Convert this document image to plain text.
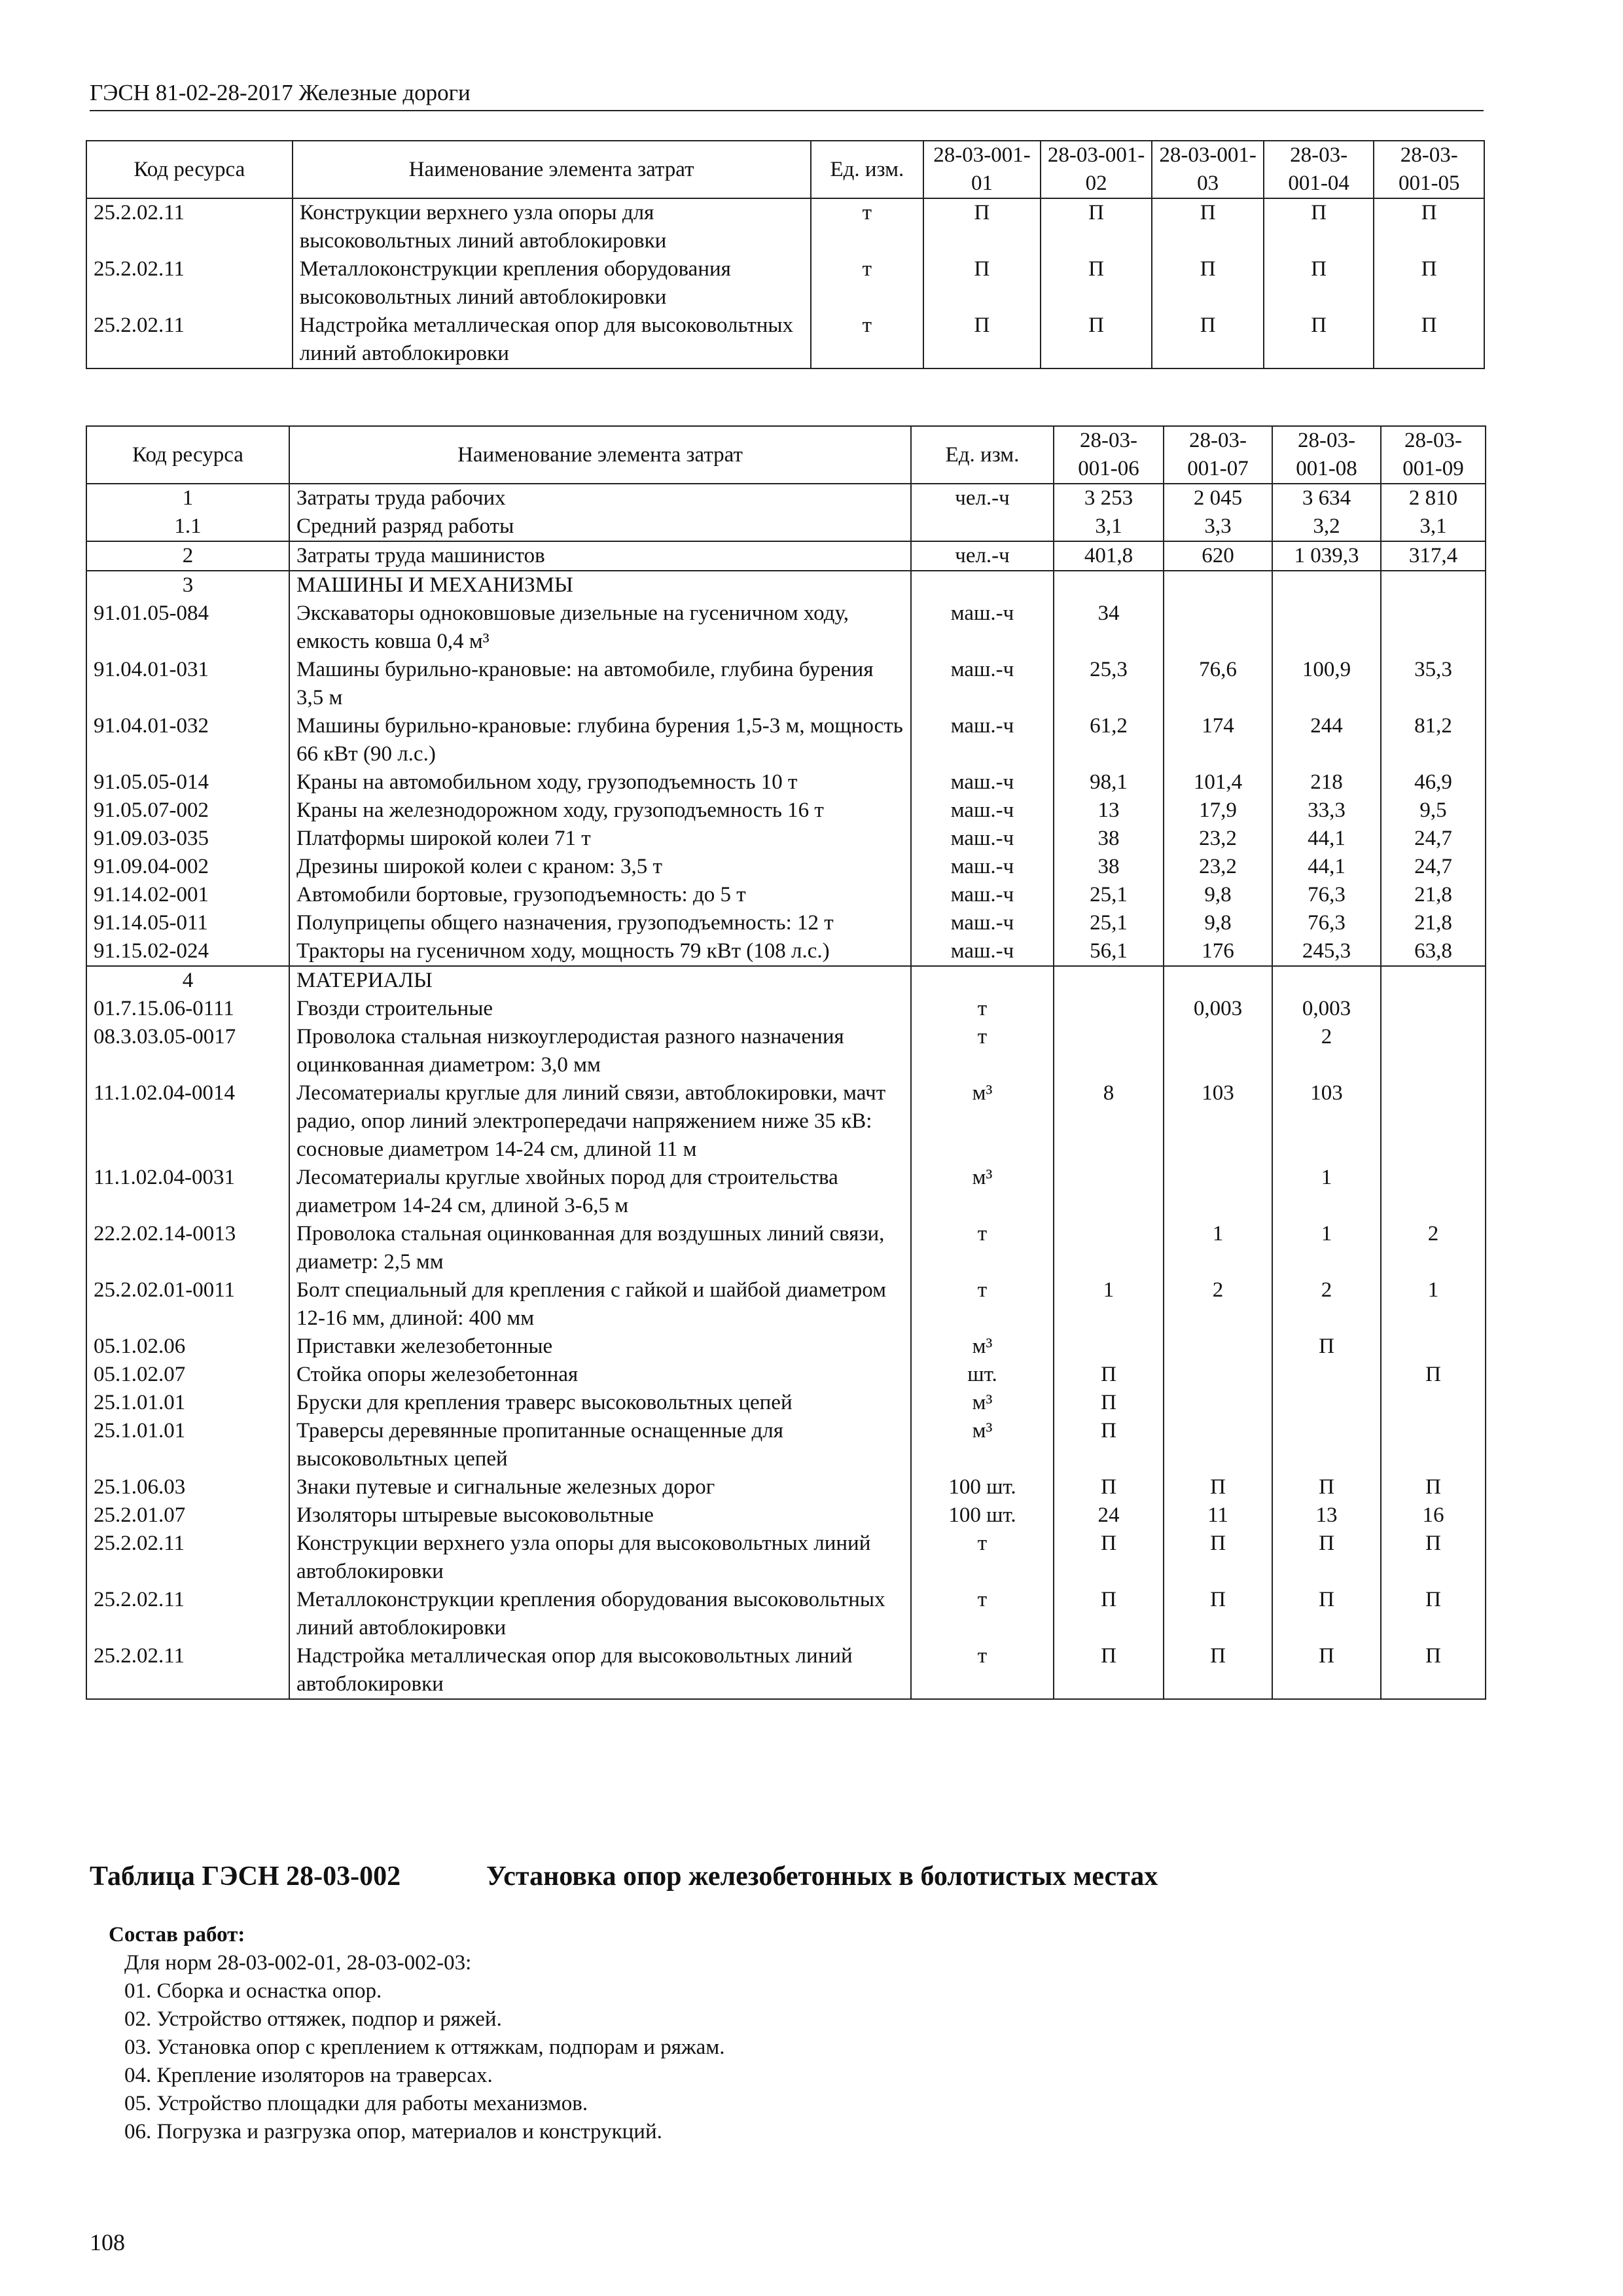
ГЭСН 81-02-28-2017 Железные дороги
Код ресурса	Наименование элемента затрат	Ед. изм.	28-03-001-01	28-03-001-02	28-03-001-03	28-03-001-04	28-03-001-05
25.2.02.11	Конструкции верхнего узла опоры для высоковольтных линий автоблокировки	т	П	П	П	П	П
25.2.02.11	Металлоконструкции крепления оборудования высоковольтных линий автоблокировки	т	П	П	П	П	П
25.2.02.11	Надстройка металлическая опор для высоковольтных линий автоблокировки	т	П	П	П	П	П
Код ресурса	Наименование элемента затрат	Ед. изм.	28-03-001-06	28-03-001-07	28-03-001-08	28-03-001-09
1	Затраты труда рабочих	чел.-ч	3 253	2 045	3 634	2 810
1.1	Средний разряд работы		3,1	3,3	3,2	3,1
2	Затраты труда машинистов	чел.-ч	401,8	620	1 039,3	317,4
3	МАШИНЫ И МЕХАНИЗМЫ					
91.01.05-084	Экскаваторы одноковшовые дизельные на гусеничном ходу, емкость ковша 0,4 м³	маш.-ч	34			
91.04.01-031	Машины бурильно-крановые: на автомобиле, глубина бурения 3,5 м	маш.-ч	25,3	76,6	100,9	35,3
91.04.01-032	Машины бурильно-крановые: глубина бурения 1,5-3 м, мощность 66 кВт (90 л.с.)	маш.-ч	61,2	174	244	81,2
91.05.05-014	Краны на автомобильном ходу, грузоподъемность 10 т	маш.-ч	98,1	101,4	218	46,9
91.05.07-002	Краны на железнодорожном ходу, грузоподъемность 16 т	маш.-ч	13	17,9	33,3	9,5
91.09.03-035	Платформы широкой колеи 71 т	маш.-ч	38	23,2	44,1	24,7
91.09.04-002	Дрезины широкой колеи с краном: 3,5 т	маш.-ч	38	23,2	44,1	24,7
91.14.02-001	Автомобили бортовые, грузоподъемность: до 5 т	маш.-ч	25,1	9,8	76,3	21,8
91.14.05-011	Полуприцепы общего назначения, грузоподъемность: 12 т	маш.-ч	25,1	9,8	76,3	21,8
91.15.02-024	Тракторы на гусеничном ходу, мощность 79 кВт (108 л.с.)	маш.-ч	56,1	176	245,3	63,8
4	МАТЕРИАЛЫ					
01.7.15.06-0111	Гвозди строительные	т		0,003	0,003	
08.3.03.05-0017	Проволока стальная низкоуглеродистая разного назначения оцинкованная диаметром: 3,0 мм	т			2	
11.1.02.04-0014	Лесоматериалы круглые для линий связи, автоблокировки, мачт радио, опор линий электропередачи напряжением ниже 35 кВ: сосновые диаметром 14-24 см, длиной 11 м	м³	8	103	103	
11.1.02.04-0031	Лесоматериалы круглые хвойных пород для строительства диаметром 14-24 см, длиной 3-6,5 м	м³			1	
22.2.02.14-0013	Проволока стальная оцинкованная для воздушных линий связи, диаметр: 2,5 мм	т		1	1	2
25.2.02.01-0011	Болт специальный для крепления с гайкой и шайбой диаметром 12-16 мм, длиной: 400 мм	т	1	2	2	1
05.1.02.06	Приставки железобетонные	м³			П	
05.1.02.07	Стойка опоры железобетонная	шт.	П			П
25.1.01.01	Бруски для крепления траверс высоковольтных цепей	м³	П			
25.1.01.01	Траверсы деревянные пропитанные оснащенные для высоковольтных цепей	м³	П			
25.1.06.03	Знаки путевые и сигнальные железных дорог	100 шт.	П	П	П	П
25.2.01.07	Изоляторы штыревые высоковольтные	100 шт.	24	11	13	16
25.2.02.11	Конструкции верхнего узла опоры для высоковольтных линий автоблокировки	т	П	П	П	П
25.2.02.11	Металлоконструкции крепления оборудования высоковольтных линий автоблокировки	т	П	П	П	П
25.2.02.11	Надстройка металлическая опор для высоковольтных линий автоблокировки	т	П	П	П	П
Таблица ГЭСН 28-03-002	Установка опор железобетонных в болотистых местах
Состав работ:
Для норм 28-03-002-01, 28-03-002-03:
01. Сборка и оснастка опор.
02. Устройство оттяжек, подпор и ряжей.
03. Установка опор с креплением к оттяжкам, подпорам и ряжам.
04. Крепление изоляторов на траверсах.
05. Устройство площадки для работы механизмов.
06. Погрузка и разгрузка опор, материалов и конструкций.
108
